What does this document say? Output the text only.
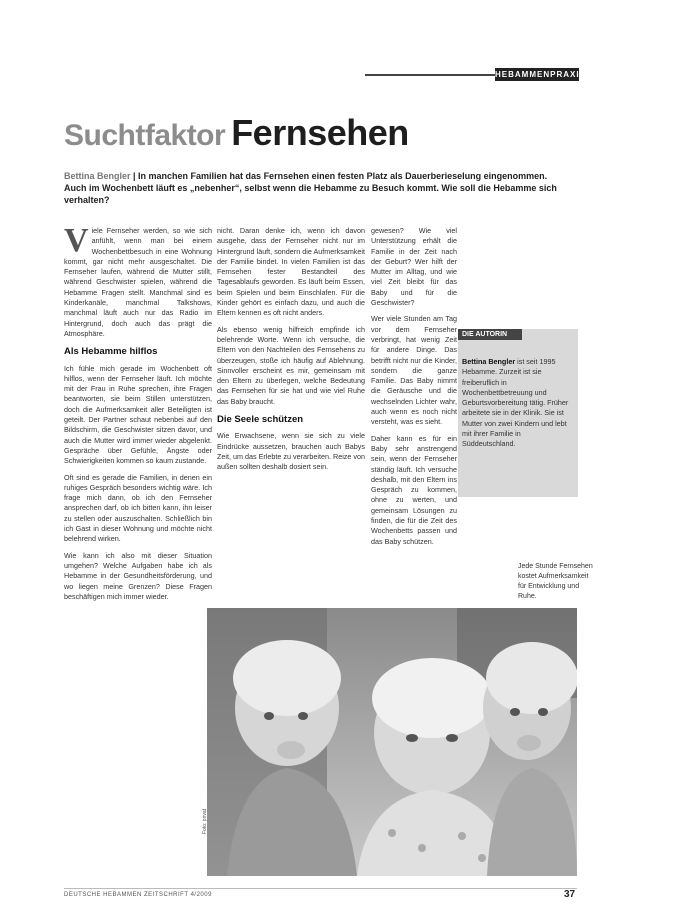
HEBAMMENPRAXIS
Suchtfaktor Fernsehen
Bettina Bengler | In manchen Familien hat das Fernsehen einen festen Platz als Dauerberieselung eingenommen. Auch im Wochenbett läuft es „nebenher“, selbst wenn die Hebamme zu Besuch kommt. Wie soll die Hebamme sich verhalten?

Viele Fernseher werden, so wie sich anfühlt, wenn man bei einem Wochenbettbesuch in eine Wohnung kommt, gar nicht mehr ausgeschaltet. Die Fernseher laufen, während die Mutter stillt, während Geschwister spielen, während die Hebamme Fragen stellt. Manchmal sind es Kinderkanäle, manchmal Talkshows, manchmal läuft auch nur das Radio im Hintergrund, doch auch das prägt die Atmosphäre.

Als Hebamme hilflos

Ich fühle mich gerade im Wochenbett oft hilflos, wenn der Fernseher läuft. Ich möchte mit der Frau in Ruhe sprechen, ihre Fragen beantworten, sie beim Stillen unterstützen, doch die Aufmerksamkeit aller Beteiligten ist geteilt. Der Partner schaut nebenbei auf den Bildschirm, die Geschwister sitzen davor, und auch die Mutter wird immer wieder abgelenkt. Gespräche über Gefühle, Ängste oder Schwierigkeiten kommen so kaum zustande.

Oft sind es gerade die Familien, in denen ein ruhiges Gespräch besonders wichtig wäre. Ich frage mich dann, ob ich den Fernseher ansprechen darf, ob ich bitten kann, ihn leiser zu stellen oder auszuschalten. Schließlich bin ich Gast in dieser Wohnung und möchte nicht belehrend wirken.

Wie kann ich also mit dieser Situation umgehen? Welche Aufgaben habe ich als Hebamme in der Gesundheitsförderung, und wo liegen meine Grenzen? Diese Fragen beschäftigen mich immer wieder.

nicht. Daran denke ich, wenn ich davon ausgehe, dass der Fernseher nicht nur im Hintergrund läuft, sondern die Aufmerksamkeit der Familie bindet. In vielen Familien ist das Fernsehen fester Bestandteil des Tagesablaufs geworden. Es läuft beim Essen, beim Spielen und beim Einschlafen. Für die Kinder gehört es einfach dazu, und auch die Eltern kennen es oft nicht anders.

Als ebenso wenig hilfreich empfinde ich belehrende Worte. Wenn ich versuche, die Eltern von den Nachteilen des Fernsehens zu überzeugen, stoße ich häufig auf Ablehnung. Sinnvoller erscheint es mir, gemeinsam mit den Eltern zu überlegen, welche Bedeutung das Fernsehen für sie hat und wie viel Ruhe das Baby braucht.

Die Seele schützen

Wie Erwachsene, wenn sie sich zu viele Eindrücke aussetzen, brauchen auch Babys Zeit, um das Erlebte zu verarbeiten. Reize von außen sollten deshalb dosiert sein.

gewesen? Wie viel Unterstützung erhält die Familie in der Zeit nach der Geburt? Wer hilft der Mutter im Alltag, und wie viel Zeit bleibt für das Baby und für die Geschwister?

Wer viele Stunden am Tag vor dem Fernseher verbringt, hat wenig Zeit für andere Dinge. Das betrifft nicht nur die Kinder, sondern die ganze Familie. Das Baby nimmt die Geräusche und die wechselnden Lichter wahr, auch wenn es noch nicht versteht, was es sieht.

Daher kann es für ein Baby sehr anstrengend sein, wenn der Fernseher ständig läuft. Ich versuche deshalb, mit den Eltern ins Gespräch zu kommen, ohne zu werten, und gemeinsam Lösungen zu finden, die für die Zeit des Wochenbetts passen und das Baby schützen.

DIE AUTORIN
Bettina Bengler ist seit 1995 Hebamme. Zurzeit ist sie freiberuflich in Wochenbettbetreuung und Geburtsvorbereitung tätig. Früher arbeitete sie in der Klinik. Sie ist Mutter von zwei Kindern und lebt mit ihrer Familie in Süddeutschland.
Jede Stunde Fernsehen kostet Aufmerksamkeit für Entwicklung und Ruhe.
Foto: privat
DEUTSCHE HEBAMMEN ZEITSCHRIFT 4/2009	37
